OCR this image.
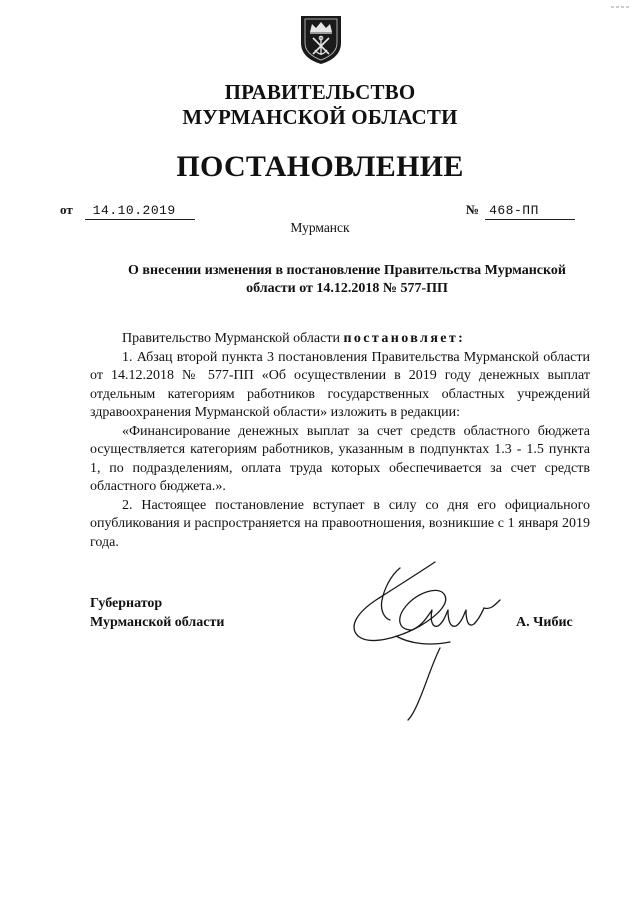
ПРАВИТЕЛЬСТВО
МУРМАНСКОЙ ОБЛАСТИ
ПОСТАНОВЛЕНИЕ
от 14.10.2019	№ 468-ПП
Мурманск
О внесении изменения в постановление Правительства Мурманской
области от 14.12.2018 № 577-ПП

Правительство Мурманской области постановляет:

1. Абзац второй пункта 3 постановления Правительства Мурманской области от 14.12.2018 № 577-ПП «Об осуществлении в 2019 году денежных выплат отдельным категориям работников государственных областных учреждений здравоохранения Мурманской области» изложить в редакции:

«Финансирование денежных выплат за счет средств областного бюджета осуществляется категориям работников, указанным в подпунктах 1.3 - 1.5 пункта 1, по подразделениям, оплата труда которых обеспечивается за счет средств областного бюджета.».

2. Настоящее постановление вступает в силу со дня его официального опубликования и распространяется на правоотношения, возникшие с 1 января 2019 года.

Губернатор
Мурманской области	А. Чибис
